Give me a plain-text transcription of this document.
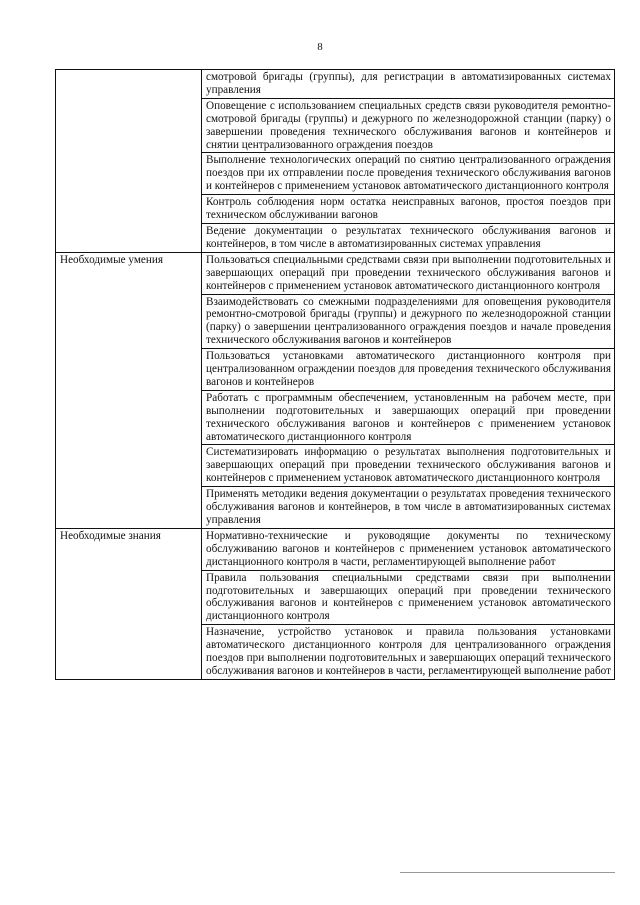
8
	смотровой бригады (группы), для регистрации в автоматизированных системах управления
	Оповещение с использованием специальных средств связи руководителя ремонтно-смотровой бригады (группы) и дежурного по железнодорожной станции (парку) о завершении проведения технического обслуживания вагонов и контейнеров и снятии централизованного ограждения поездов
	Выполнение технологических операций по снятию централизованного ограждения поездов при их отправлении после проведения технического обслуживания вагонов и контейнеров с применением установок автоматического дистанционного контроля
	Контроль соблюдения норм остатка неисправных вагонов, простоя поездов при техническом обслуживании вагонов
	Ведение документации о результатах технического обслуживания вагонов и контейнеров, в том числе в автоматизированных системах управления
Необходимые умения	Пользоваться специальными средствами связи при выполнении подготовительных и завершающих операций при проведении технического обслуживания вагонов и контейнеров с применением установок автоматического дистанционного контроля
	Взаимодействовать со смежными подразделениями для оповещения руководителя ремонтно-смотровой бригады (группы) и дежурного по железнодорожной станции (парку) о завершении централизованного ограждения поездов и начале проведения технического обслуживания вагонов и контейнеров
	Пользоваться установками автоматического дистанционного контроля при централизованном ограждении поездов для проведения технического обслуживания вагонов и контейнеров
	Работать с программным обеспечением, установленным на рабочем месте, при выполнении подготовительных и завершающих операций при проведении технического обслуживания вагонов и контейнеров с применением установок автоматического дистанционного контроля
	Систематизировать информацию о результатах выполнения подготовительных и завершающих операций при проведении технического обслуживания вагонов и контейнеров с применением установок автоматического дистанционного контроля
	Применять методики ведения документации о результатах проведения технического обслуживания вагонов и контейнеров, в том числе в автоматизированных системах управления
Необходимые знания	Нормативно-технические и руководящие документы по техническому обслуживанию вагонов и контейнеров с применением установок автоматического дистанционного контроля в части, регламентирующей выполнение работ
	Правила пользования специальными средствами связи при выполнении подготовительных и завершающих операций при проведении технического обслуживания вагонов и контейнеров с применением установок автоматического дистанционного контроля
	Назначение, устройство установок и правила пользования установками автоматического дистанционного контроля для централизованного ограждения поездов при выполнении подготовительных и завершающих операций технического обслуживания вагонов и контейнеров в части, регламентирующей выполнение работ
